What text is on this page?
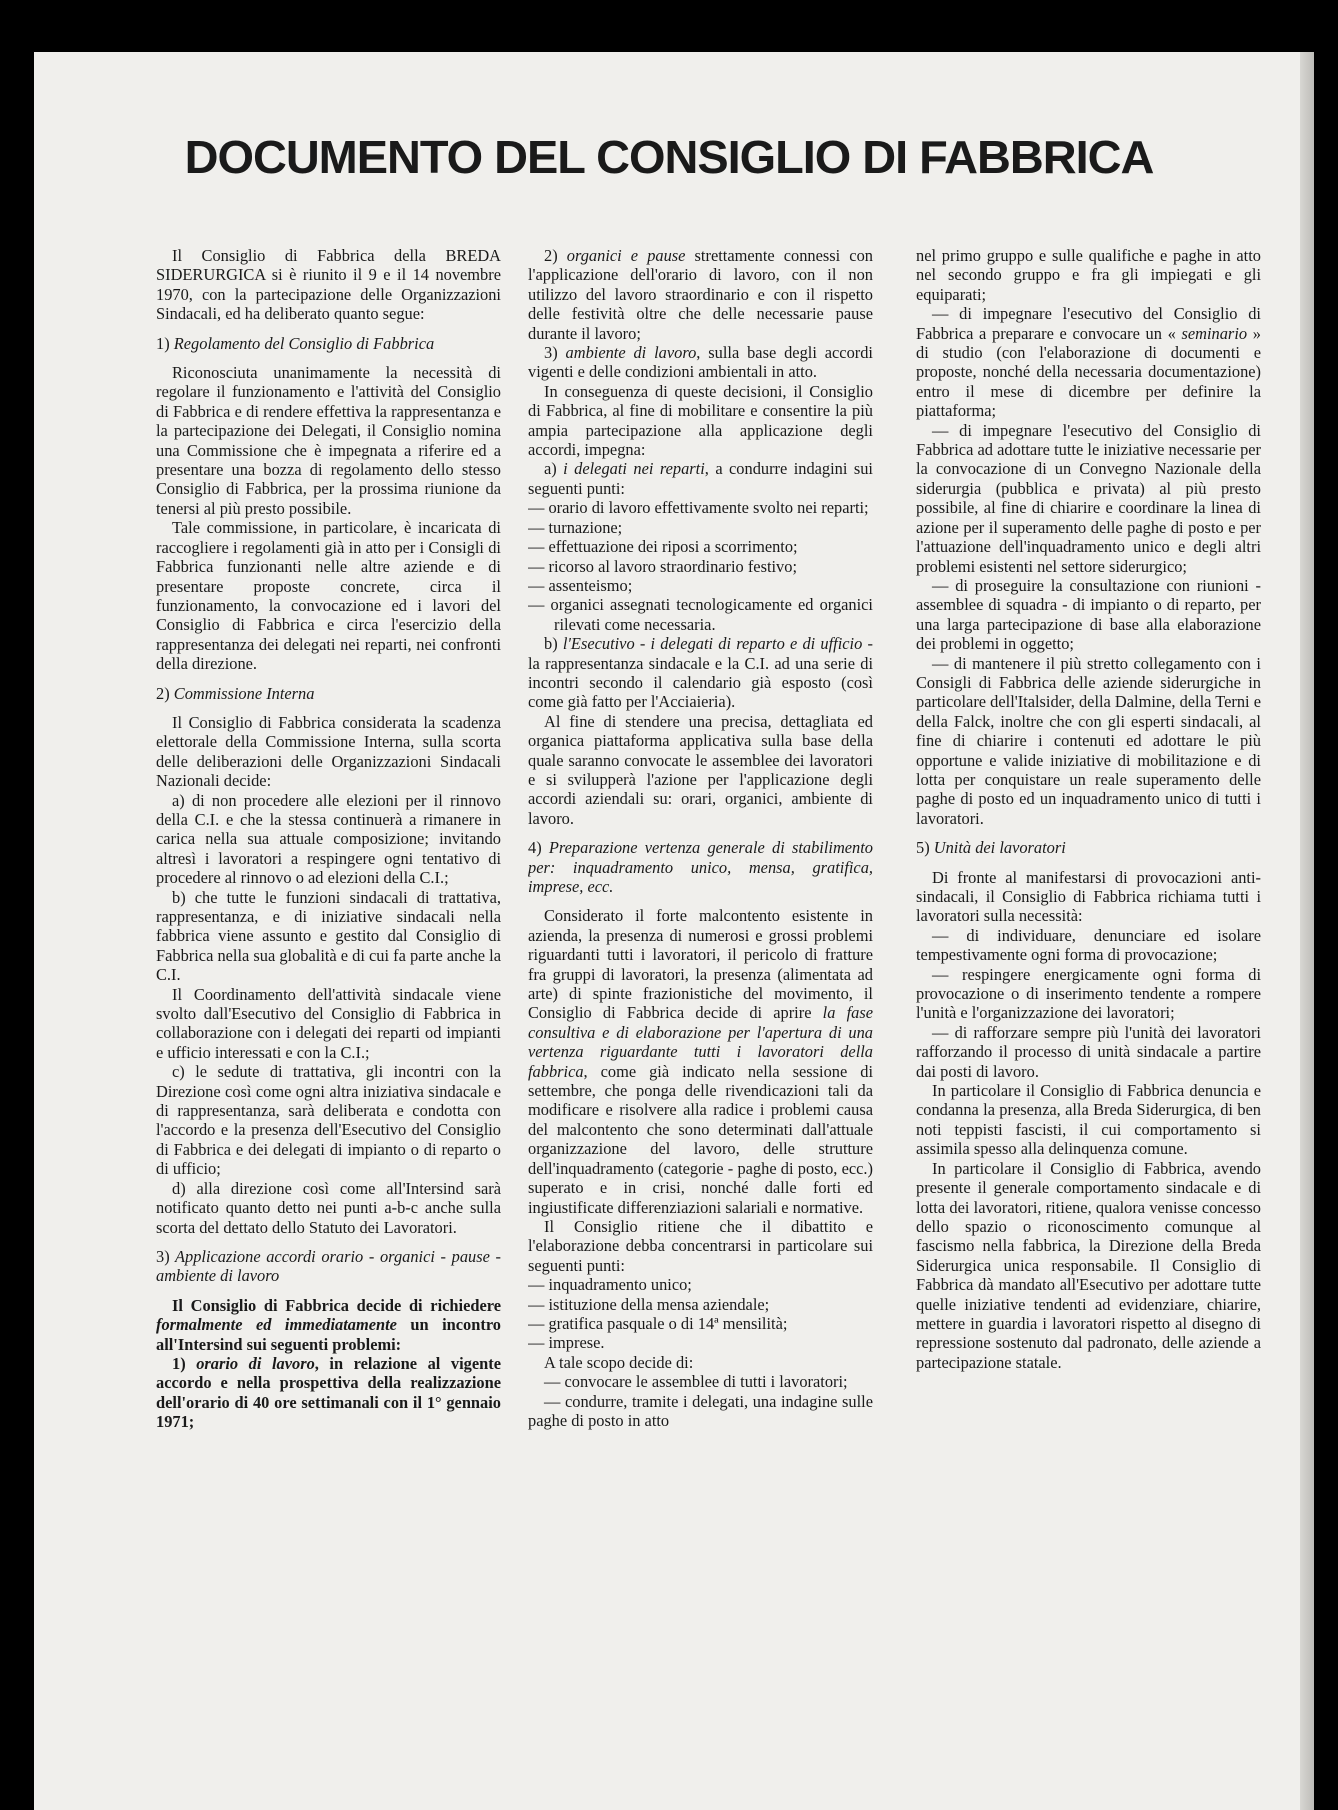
DOCUMENTO DEL CONSIGLIO DI FABBRICA

Il Consiglio di Fabbrica della BREDA SIDERURGICA si è riunito il 9 e il 14 novembre 1970, con la partecipazione delle Organizzazioni Sindacali, ed ha deliberato quanto segue:

1) Regolamento del Consiglio di Fabbrica

Riconosciuta unanimamente la necessità di regolare il funzionamento e l'attività del Consiglio di Fabbrica e di rendere effettiva la rappresentanza e la partecipazione dei Delegati, il Consiglio nomina una Commissione che è impegnata a riferire ed a presentare una bozza di regolamento dello stesso Consiglio di Fabbrica, per la prossima riunione da tenersi al più presto possibile.

Tale commissione, in particolare, è incaricata di raccogliere i regolamenti già in atto per i Consigli di Fabbrica funzionanti nelle altre aziende e di presentare proposte concrete, circa il funzionamento, la convocazione ed i lavori del Consiglio di Fabbrica e circa l'esercizio della rappresentanza dei delegati nei reparti, nei confronti della direzione.

2) Commissione Interna

Il Consiglio di Fabbrica considerata la scadenza elettorale della Commissione Interna, sulla scorta delle deliberazioni delle Organizzazioni Sindacali Nazionali decide:

a) di non procedere alle elezioni per il rinnovo della C.I. e che la stessa continuerà a rimanere in carica nella sua attuale composizione; invitando altresì i lavoratori a respingere ogni tentativo di procedere al rinnovo o ad elezioni della C.I.;

b) che tutte le funzioni sindacali di trattativa, rappresentanza, e di iniziative sindacali nella fabbrica viene assunto e gestito dal Consiglio di Fabbrica nella sua globalità e di cui fa parte anche la C.I.

Il Coordinamento dell'attività sindacale viene svolto dall'Esecutivo del Consiglio di Fabbrica in collaborazione con i delegati dei reparti od impianti e ufficio interessati e con la C.I.;

c) le sedute di trattativa, gli incontri con la Direzione così come ogni altra iniziativa sindacale e di rappresentanza, sarà deliberata e condotta con l'accordo e la presenza dell'Esecutivo del Consiglio di Fabbrica e dei delegati di impianto o di reparto o di ufficio;

d) alla direzione così come all'Intersind sarà notificato quanto detto nei punti a-b-c anche sulla scorta del dettato dello Statuto dei Lavoratori.

3) Applicazione accordi orario - organici - pause - ambiente di lavoro

Il Consiglio di Fabbrica decide di richiedere formalmente ed immediatamente un incontro all'Intersind sui seguenti problemi:

1) orario di lavoro, in relazione al vigente accordo e nella prospettiva della realizzazione dell'orario di 40 ore settimanali con il 1° gennaio 1971;

2) organici e pause strettamente connessi con l'applicazione dell'orario di lavoro, con il non utilizzo del lavoro straordinario e con il rispetto delle festività oltre che delle necessarie pause durante il lavoro;

3) ambiente di lavoro, sulla base degli accordi vigenti e delle condizioni ambientali in atto.

In conseguenza di queste decisioni, il Consiglio di Fabbrica, al fine di mobilitare e consentire la più ampia partecipazione alla applicazione degli accordi, impegna:

a) i delegati nei reparti, a condurre indagini sui seguenti punti:

— orario di lavoro effettivamente svolto nei reparti;

— turnazione;

— effettuazione dei riposi a scorrimento;

— ricorso al lavoro straordinario festivo;

— assenteismo;

— organici assegnati tecnologicamente ed organici rilevati come necessaria.

b) l'Esecutivo - i delegati di reparto e di ufficio - la rappresentanza sindacale e la C.I. ad una serie di incontri secondo il calendario già esposto (così come già fatto per l'Acciaieria).

Al fine di stendere una precisa, dettagliata ed organica piattaforma applicativa sulla base della quale saranno convocate le assemblee dei lavoratori e si svilupperà l'azione per l'applicazione degli accordi aziendali su: orari, organici, ambiente di lavoro.

4) Preparazione vertenza generale di stabilimento per: inquadramento unico, mensa, gratifica, imprese, ecc.

Considerato il forte malcontento esistente in azienda, la presenza di numerosi e grossi problemi riguardanti tutti i lavoratori, il pericolo di fratture fra gruppi di lavoratori, la presenza (alimentata ad arte) di spinte frazionistiche del movimento, il Consiglio di Fabbrica decide di aprire la fase consultiva e di elaborazione per l'apertura di una vertenza riguardante tutti i lavoratori della fabbrica, come già indicato nella sessione di settembre, che ponga delle rivendicazioni tali da modificare e risolvere alla radice i problemi causa del malcontento che sono determinati dall'attuale organizzazione del lavoro, delle strutture dell'inquadramento (categorie - paghe di posto, ecc.) superato e in crisi, nonché dalle forti ed ingiustificate differenziazioni salariali e normative.

Il Consiglio ritiene che il dibattito e l'elaborazione debba concentrarsi in particolare sui seguenti punti:

— inquadramento unico;

— istituzione della mensa aziendale;

— gratifica pasquale o di 14ª mensilità;

— imprese.

A tale scopo decide di:

— convocare le assemblee di tutti i lavoratori;

— condurre, tramite i delegati, una indagine sulle paghe di posto in atto

nel primo gruppo e sulle qualifiche e paghe in atto nel secondo gruppo e fra gli impiegati e gli equiparati;

— di impegnare l'esecutivo del Consiglio di Fabbrica a preparare e convocare un « seminario » di studio (con l'elaborazione di documenti e proposte, nonché della necessaria documentazione) entro il mese di dicembre per definire la piattaforma;

— di impegnare l'esecutivo del Consiglio di Fabbrica ad adottare tutte le iniziative necessarie per la convocazione di un Convegno Nazionale della siderurgia (pubblica e privata) al più presto possibile, al fine di chiarire e coordinare la linea di azione per il superamento delle paghe di posto e per l'attuazione dell'inquadramento unico e degli altri problemi esistenti nel settore siderurgico;

— di proseguire la consultazione con riunioni - assemblee di squadra - di impianto o di reparto, per una larga partecipazione di base alla elaborazione dei problemi in oggetto;

— di mantenere il più stretto collegamento con i Consigli di Fabbrica delle aziende siderurgiche in particolare dell'Italsider, della Dalmine, della Terni e della Falck, inoltre che con gli esperti sindacali, al fine di chiarire i contenuti ed adottare le più opportune e valide iniziative di mobilitazione e di lotta per conquistare un reale superamento delle paghe di posto ed un inquadramento unico di tutti i lavoratori.

5) Unità dei lavoratori

Di fronte al manifestarsi di provocazioni anti-sindacali, il Consiglio di Fabbrica richiama tutti i lavoratori sulla necessità:

— di individuare, denunciare ed isolare tempestivamente ogni forma di provocazione;

— respingere energicamente ogni forma di provocazione o di inserimento tendente a rompere l'unità e l'organizzazione dei lavoratori;

— di rafforzare sempre più l'unità dei lavoratori rafforzando il processo di unità sindacale a partire dai posti di lavoro.

In particolare il Consiglio di Fabbrica denuncia e condanna la presenza, alla Breda Siderurgica, di ben noti teppisti fascisti, il cui comportamento si assimila spesso alla delinquenza comune.

In particolare il Consiglio di Fabbrica, avendo presente il generale comportamento sindacale e di lotta dei lavoratori, ritiene, qualora venisse concesso dello spazio o riconoscimento comunque al fascismo nella fabbrica, la Direzione della Breda Siderurgica unica responsabile. Il Consiglio di Fabbrica dà mandato all'Esecutivo per adottare tutte quelle iniziative tendenti ad evidenziare, chiarire, mettere in guardia i lavoratori rispetto al disegno di repressione sostenuto dal padronato, delle aziende a partecipazione statale.
